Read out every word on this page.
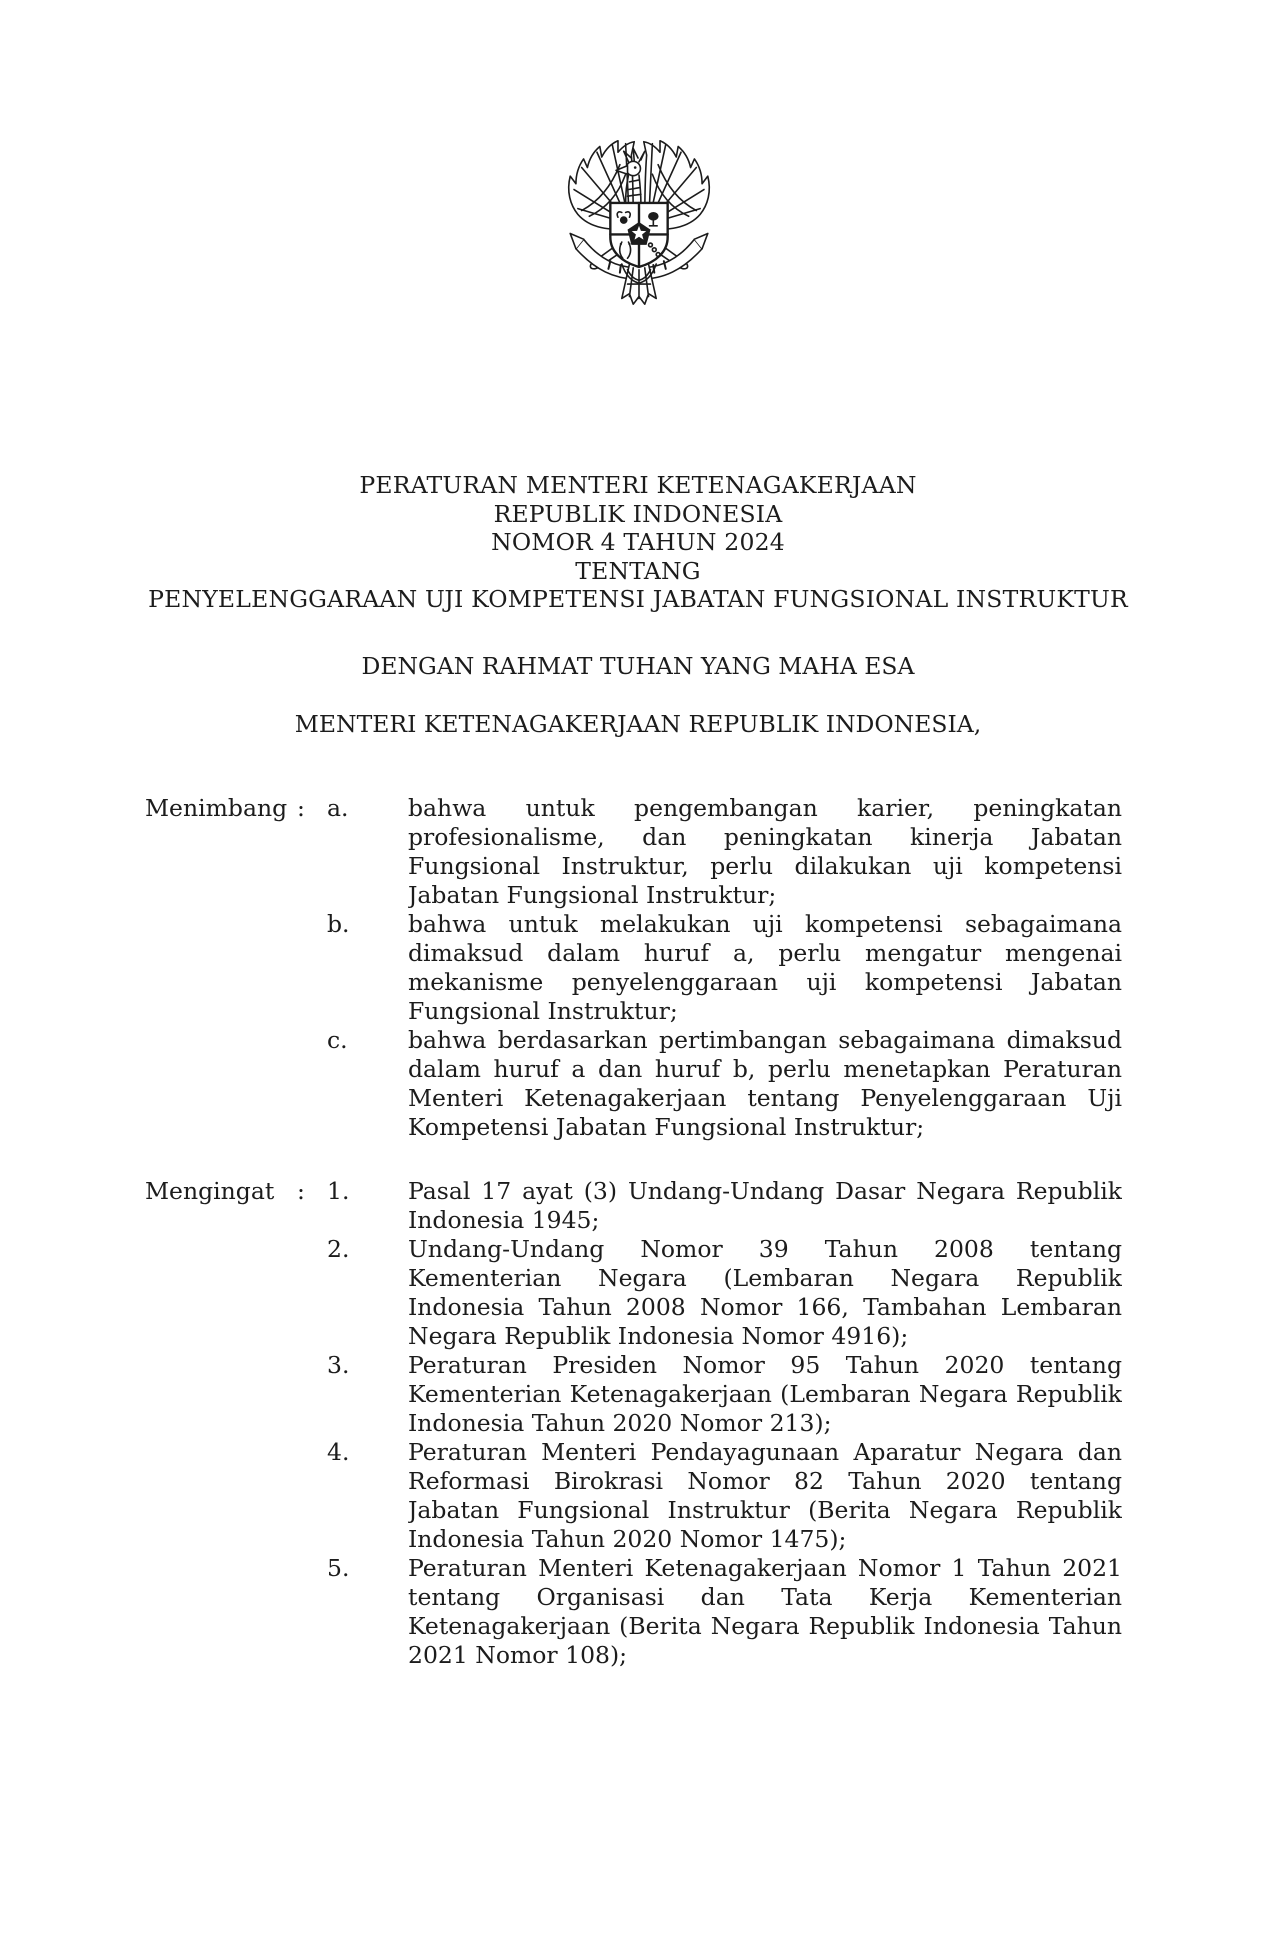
PERATURAN MENTERI KETENAGAKERJAAN
REPUBLIK INDONESIA
NOMOR 4 TAHUN 2024
TENTANG
PENYELENGGARAAN UJI KOMPETENSI JABATAN FUNGSIONAL INSTRUKTUR
DENGAN RAHMAT TUHAN YANG MAHA ESA
MENTERI KETENAGAKERJAAN REPUBLIK INDONESIA,
Menimbang : a.	bahwa untuk pengembangan karier, peningkatan
profesionalisme, dan peningkatan kinerja Jabatan
Fungsional Instruktur, perlu dilakukan uji kompetensi
Jabatan Fungsional Instruktur;
b.	bahwa untuk melakukan uji kompetensi sebagaimana
dimaksud dalam huruf a, perlu mengatur mengenai
mekanisme penyelenggaraan uji kompetensi Jabatan
Fungsional Instruktur;
c.	bahwa berdasarkan pertimbangan sebagaimana dimaksud
dalam huruf a dan huruf b, perlu menetapkan Peraturan
Menteri Ketenagakerjaan tentang Penyelenggaraan Uji
Kompetensi Jabatan Fungsional Instruktur;
Mengingat : 1.	Pasal 17 ayat (3) Undang-Undang Dasar Negara Republik
Indonesia 1945;
2.	Undang-Undang Nomor 39 Tahun 2008 tentang
Kementerian Negara (Lembaran Negara Republik
Indonesia Tahun 2008 Nomor 166, Tambahan Lembaran
Negara Republik Indonesia Nomor 4916);
3.	Peraturan Presiden Nomor 95 Tahun 2020 tentang
Kementerian Ketenagakerjaan (Lembaran Negara Republik
Indonesia Tahun 2020 Nomor 213);
4.	Peraturan Menteri Pendayagunaan Aparatur Negara dan
Reformasi Birokrasi Nomor 82 Tahun 2020 tentang
Jabatan Fungsional Instruktur (Berita Negara Republik
Indonesia Tahun 2020 Nomor 1475);
5.	Peraturan Menteri Ketenagakerjaan Nomor 1 Tahun 2021
tentang Organisasi dan Tata Kerja Kementerian
Ketenagakerjaan (Berita Negara Republik Indonesia Tahun
2021 Nomor 108);
